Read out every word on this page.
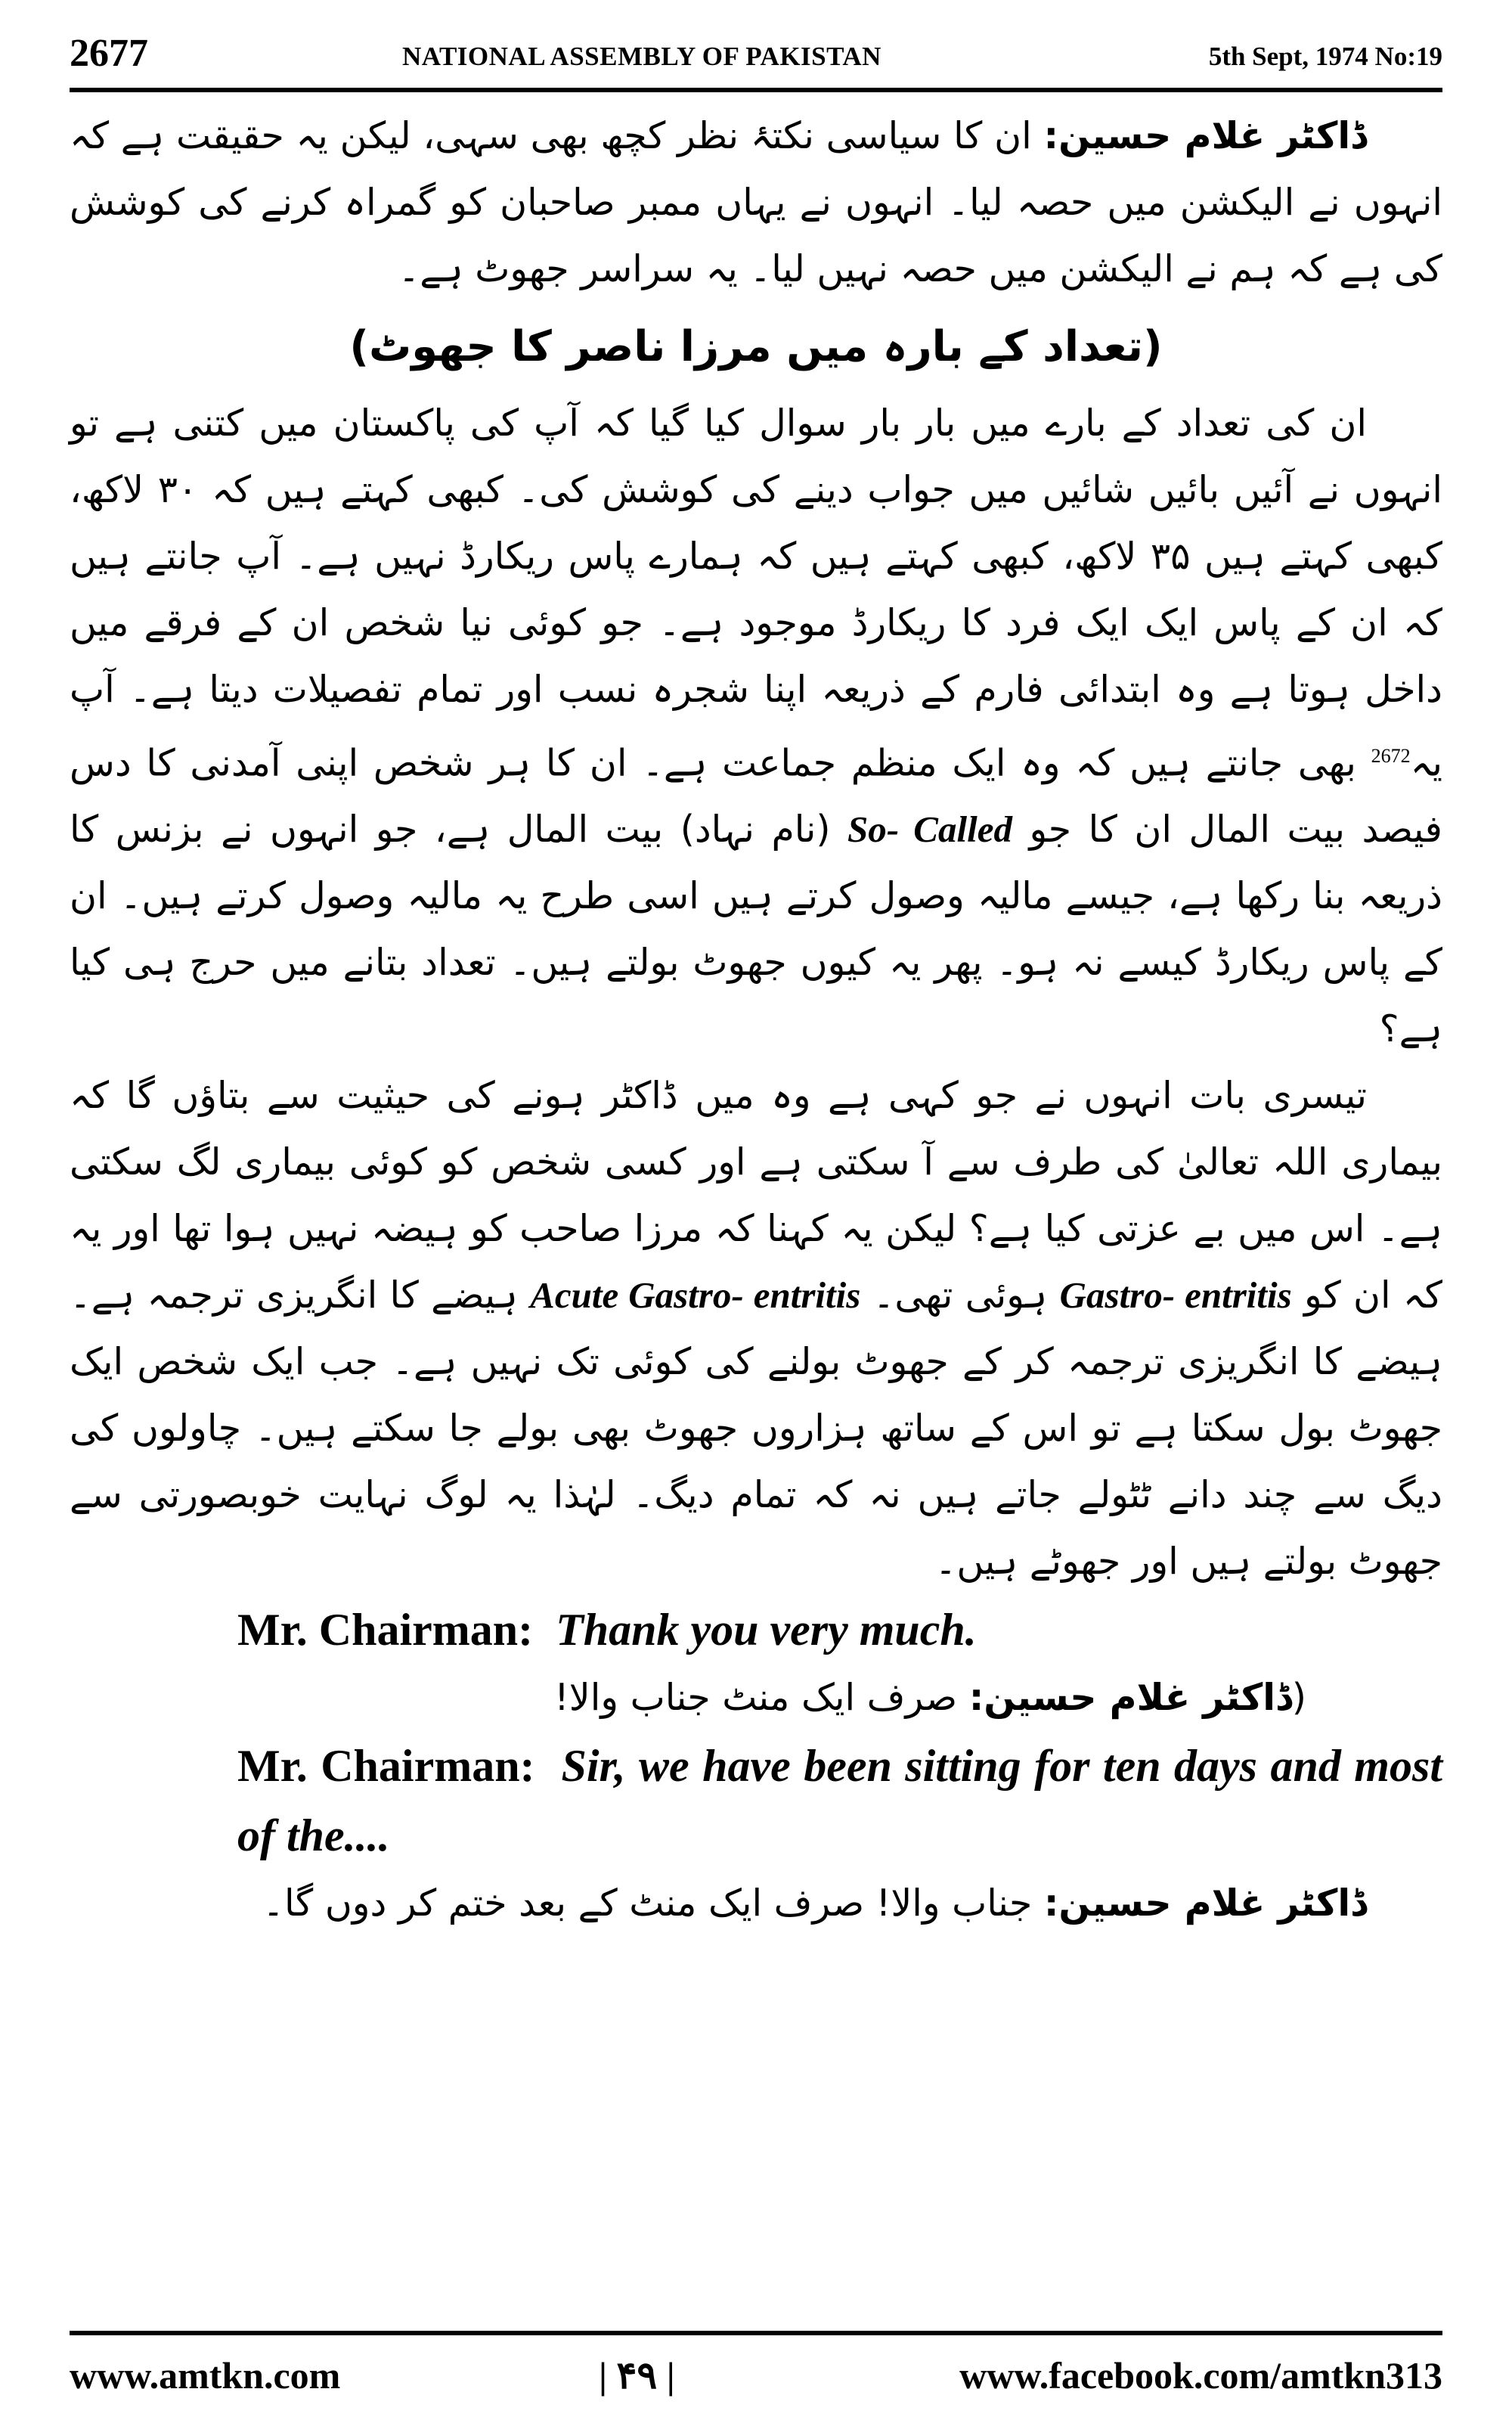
2677	NATIONAL ASSEMBLY OF PAKISTAN	5th Sept, 1974 No:19

ڈاکٹر غلام حسین: ان کا سیاسی نکتۂ نظر کچھ بھی سہی، لیکن یہ حقیقت ہے کہ انہوں نے الیکشن میں حصہ لیا۔ انہوں نے یہاں ممبر صاحبان کو گمراہ کرنے کی کوشش کی ہے کہ ہم نے الیکشن میں حصہ نہیں لیا۔ یہ سراسر جھوٹ ہے۔

(تعداد کے بارہ میں مرزا ناصر کا جھوٹ)

ان کی تعداد کے بارے میں بار بار سوال کیا گیا کہ آپ کی پاکستان میں کتنی ہے تو انہوں نے آئیں بائیں شائیں میں جواب دینے کی کوشش کی۔ کبھی کہتے ہیں کہ ۳۰ لاکھ، کبھی کہتے ہیں ۳۵ لاکھ، کبھی کہتے ہیں کہ ہمارے پاس ریکارڈ نہیں ہے۔ آپ جانتے ہیں کہ ان کے پاس ایک ایک فرد کا ریکارڈ موجود ہے۔ جو کوئی نیا شخص ان کے فرقے میں داخل ہوتا ہے وہ ابتدائی فارم کے ذریعہ اپنا شجرہ نسب اور تمام تفصیلات دیتا ہے۔ آپ یہ$^{2672}$ بھی جانتے ہیں کہ وہ ایک منظم جماعت ہے۔ ان کا ہر شخص اپنی آمدنی کا دس فیصد بیت المال ان کا جو So- Called (نام نہاد) بیت المال ہے، جو انہوں نے بزنس کا ذریعہ بنا رکھا ہے، جیسے مالیہ وصول کرتے ہیں اسی طرح یہ مالیہ وصول کرتے ہیں۔ ان کے پاس ریکارڈ کیسے نہ ہو۔ پھر یہ کیوں جھوٹ بولتے ہیں۔ تعداد بتانے میں حرج ہی کیا ہے؟

تیسری بات انہوں نے جو کہی ہے وہ میں ڈاکٹر ہونے کی حیثیت سے بتاؤں گا کہ بیماری اللہ تعالیٰ کی طرف سے آ سکتی ہے اور کسی شخص کو کوئی بیماری لگ سکتی ہے۔ اس میں بے عزتی کیا ہے؟ لیکن یہ کہنا کہ مرزا صاحب کو ہیضہ نہیں ہوا تھا اور یہ کہ ان کو Gastro- entritis ہوئی تھی۔ Acute Gastro- entritis ہیضے کا انگریزی ترجمہ ہے۔ ہیضے کا انگریزی ترجمہ کر کے جھوٹ بولنے کی کوئی تک نہیں ہے۔ جب ایک شخص ایک جھوٹ بول سکتا ہے تو اس کے ساتھ ہزاروں جھوٹ بھی بولے جا سکتے ہیں۔ چاولوں کی دیگ سے چند دانے ٹٹولے جاتے ہیں نہ کہ تمام دیگ۔ لہٰذا یہ لوگ نہایت خوبصورتی سے جھوٹ بولتے ہیں اور جھوٹے ہیں۔

Mr. Chairman: Thank you very much.

(ڈاکٹر غلام حسین: صرف ایک منٹ جناب والا!

Mr. Chairman: Sir, we have been sitting for ten days and most of the....

ڈاکٹر غلام حسین: جناب والا! صرف ایک منٹ کے بعد ختم کر دوں گا۔

www.amtkn.com	| ۴۹ |	www.facebook.com/amtkn313
